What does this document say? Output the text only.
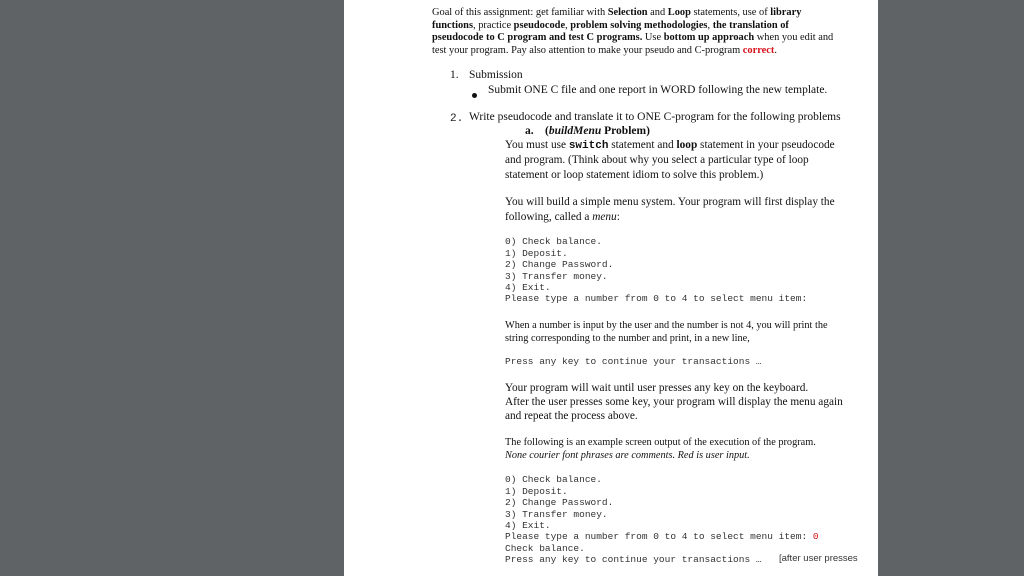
Goal of this assignment: get familiar with Selection and Loop statements, use of library
functions, practice pseudocode, problem solving methodologies, the translation of
pseudocode to C program and test C programs. Use bottom up approach when you edit and
test your program. Pay also attention to make your pseudo and C-program correct.
1. Submission
Submit ONE C file and one report in WORD following the new template.
2. Write pseudocode and translate it to ONE C-program for the following problems
a. (buildMenu Problem)
You must use switch statement and loop statement in your pseudocode
and program. (Think about why you select a particular type of loop
statement or loop statement idiom to solve this problem.)
You will build a simple menu system. Your program will first display the
following, called a menu:
0) Check balance.
1) Deposit.
2) Change Password.
3) Transfer money.
4) Exit.
Please type a number from 0 to 4 to select menu item:
When a number is input by the user and the number is not 4, you will print the
string corresponding to the number and print, in a new line,
Press any key to continue your transactions …
Your program will wait until user presses any key on the keyboard.
After the user presses some key, your program will display the menu again
and repeat the process above.
The following is an example screen output of the execution of the program.
None courier font phrases are comments. Red is user input.
0) Check balance.
1) Deposit.
2) Change Password.
3) Transfer money.
4) Exit.
Please type a number from 0 to 4 to select menu item: 0
Check balance.
Press any key to continue your transactions … [after user presses
